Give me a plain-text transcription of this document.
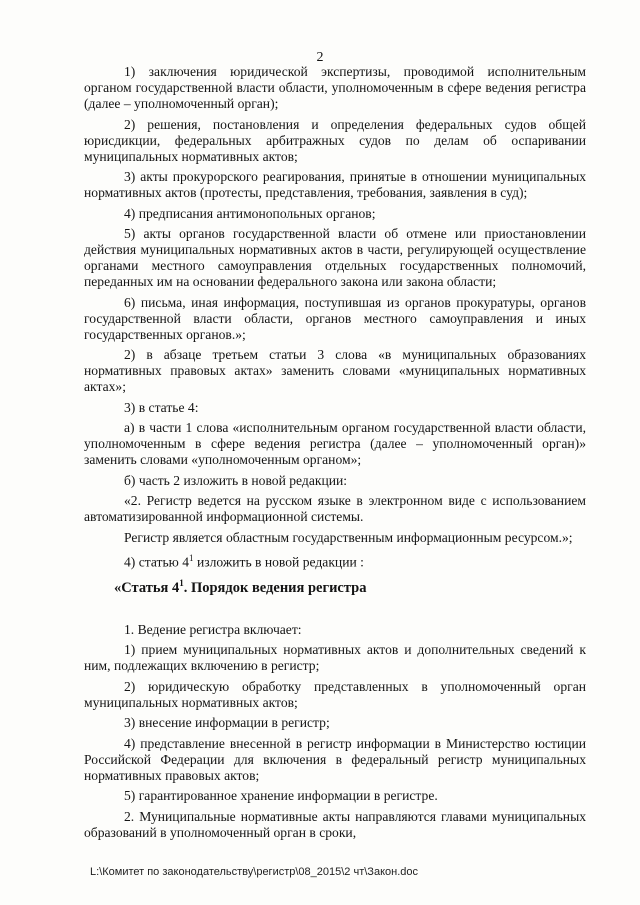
2

1) заключения юридической экспертизы, проводимой исполнительным органом государственной власти области, уполномоченным в сфере ведения регистра (далее – уполномоченный орган);

2) решения, постановления и определения федеральных судов общей юрисдикции, федеральных арбитражных судов по делам об оспаривании муниципальных нормативных актов;

3) акты прокурорского реагирования, принятые в отношении муниципальных нормативных актов (протесты, представления, требования, заявления в суд);

4) предписания антимонопольных органов;

5) акты органов государственной власти об отмене или приостановлении действия муниципальных нормативных актов в части, регулирующей осуществление органами местного самоуправления отдельных государственных полномочий, переданных им на основании федерального закона или закона области;

6) письма, иная информация, поступившая из органов прокуратуры, органов государственной власти области, органов местного самоуправления и иных государственных органов.»;

2) в абзаце третьем статьи 3 слова «в муниципальных образованиях нормативных правовых актах» заменить словами «муниципальных нормативных актах»;

3) в статье 4:

а) в части 1 слова «исполнительным органом государственной власти области, уполномоченным в сфере ведения регистра (далее – уполномоченный орган)» заменить словами «уполномоченным органом»;

б) часть 2 изложить в новой редакции:

«2. Регистр ведется на русском языке в электронном виде с использованием автоматизированной информационной системы.

Регистр является областным государственным информационным ресурсом.»;

4) статью $4^1$ изложить в новой редакции :

«Статья $4^1$. Порядок ведения регистра

1. Ведение регистра включает:

1) прием муниципальных нормативных актов и дополнительных сведений к ним, подлежащих включению в регистр;

2) юридическую обработку представленных в уполномоченный орган муниципальных нормативных актов;

3) внесение информации в регистр;

4) представление внесенной в регистр информации в Министерство юстиции Российской Федерации для включения в федеральный регистр муниципальных нормативных правовых актов;

5) гарантированное хранение информации в регистре.

2. Муниципальные нормативные акты направляются главами муниципальных образований в уполномоченный орган в сроки,

L:\Комитет по законодательству\регистр\08_2015\2 чт\Закон.doc
